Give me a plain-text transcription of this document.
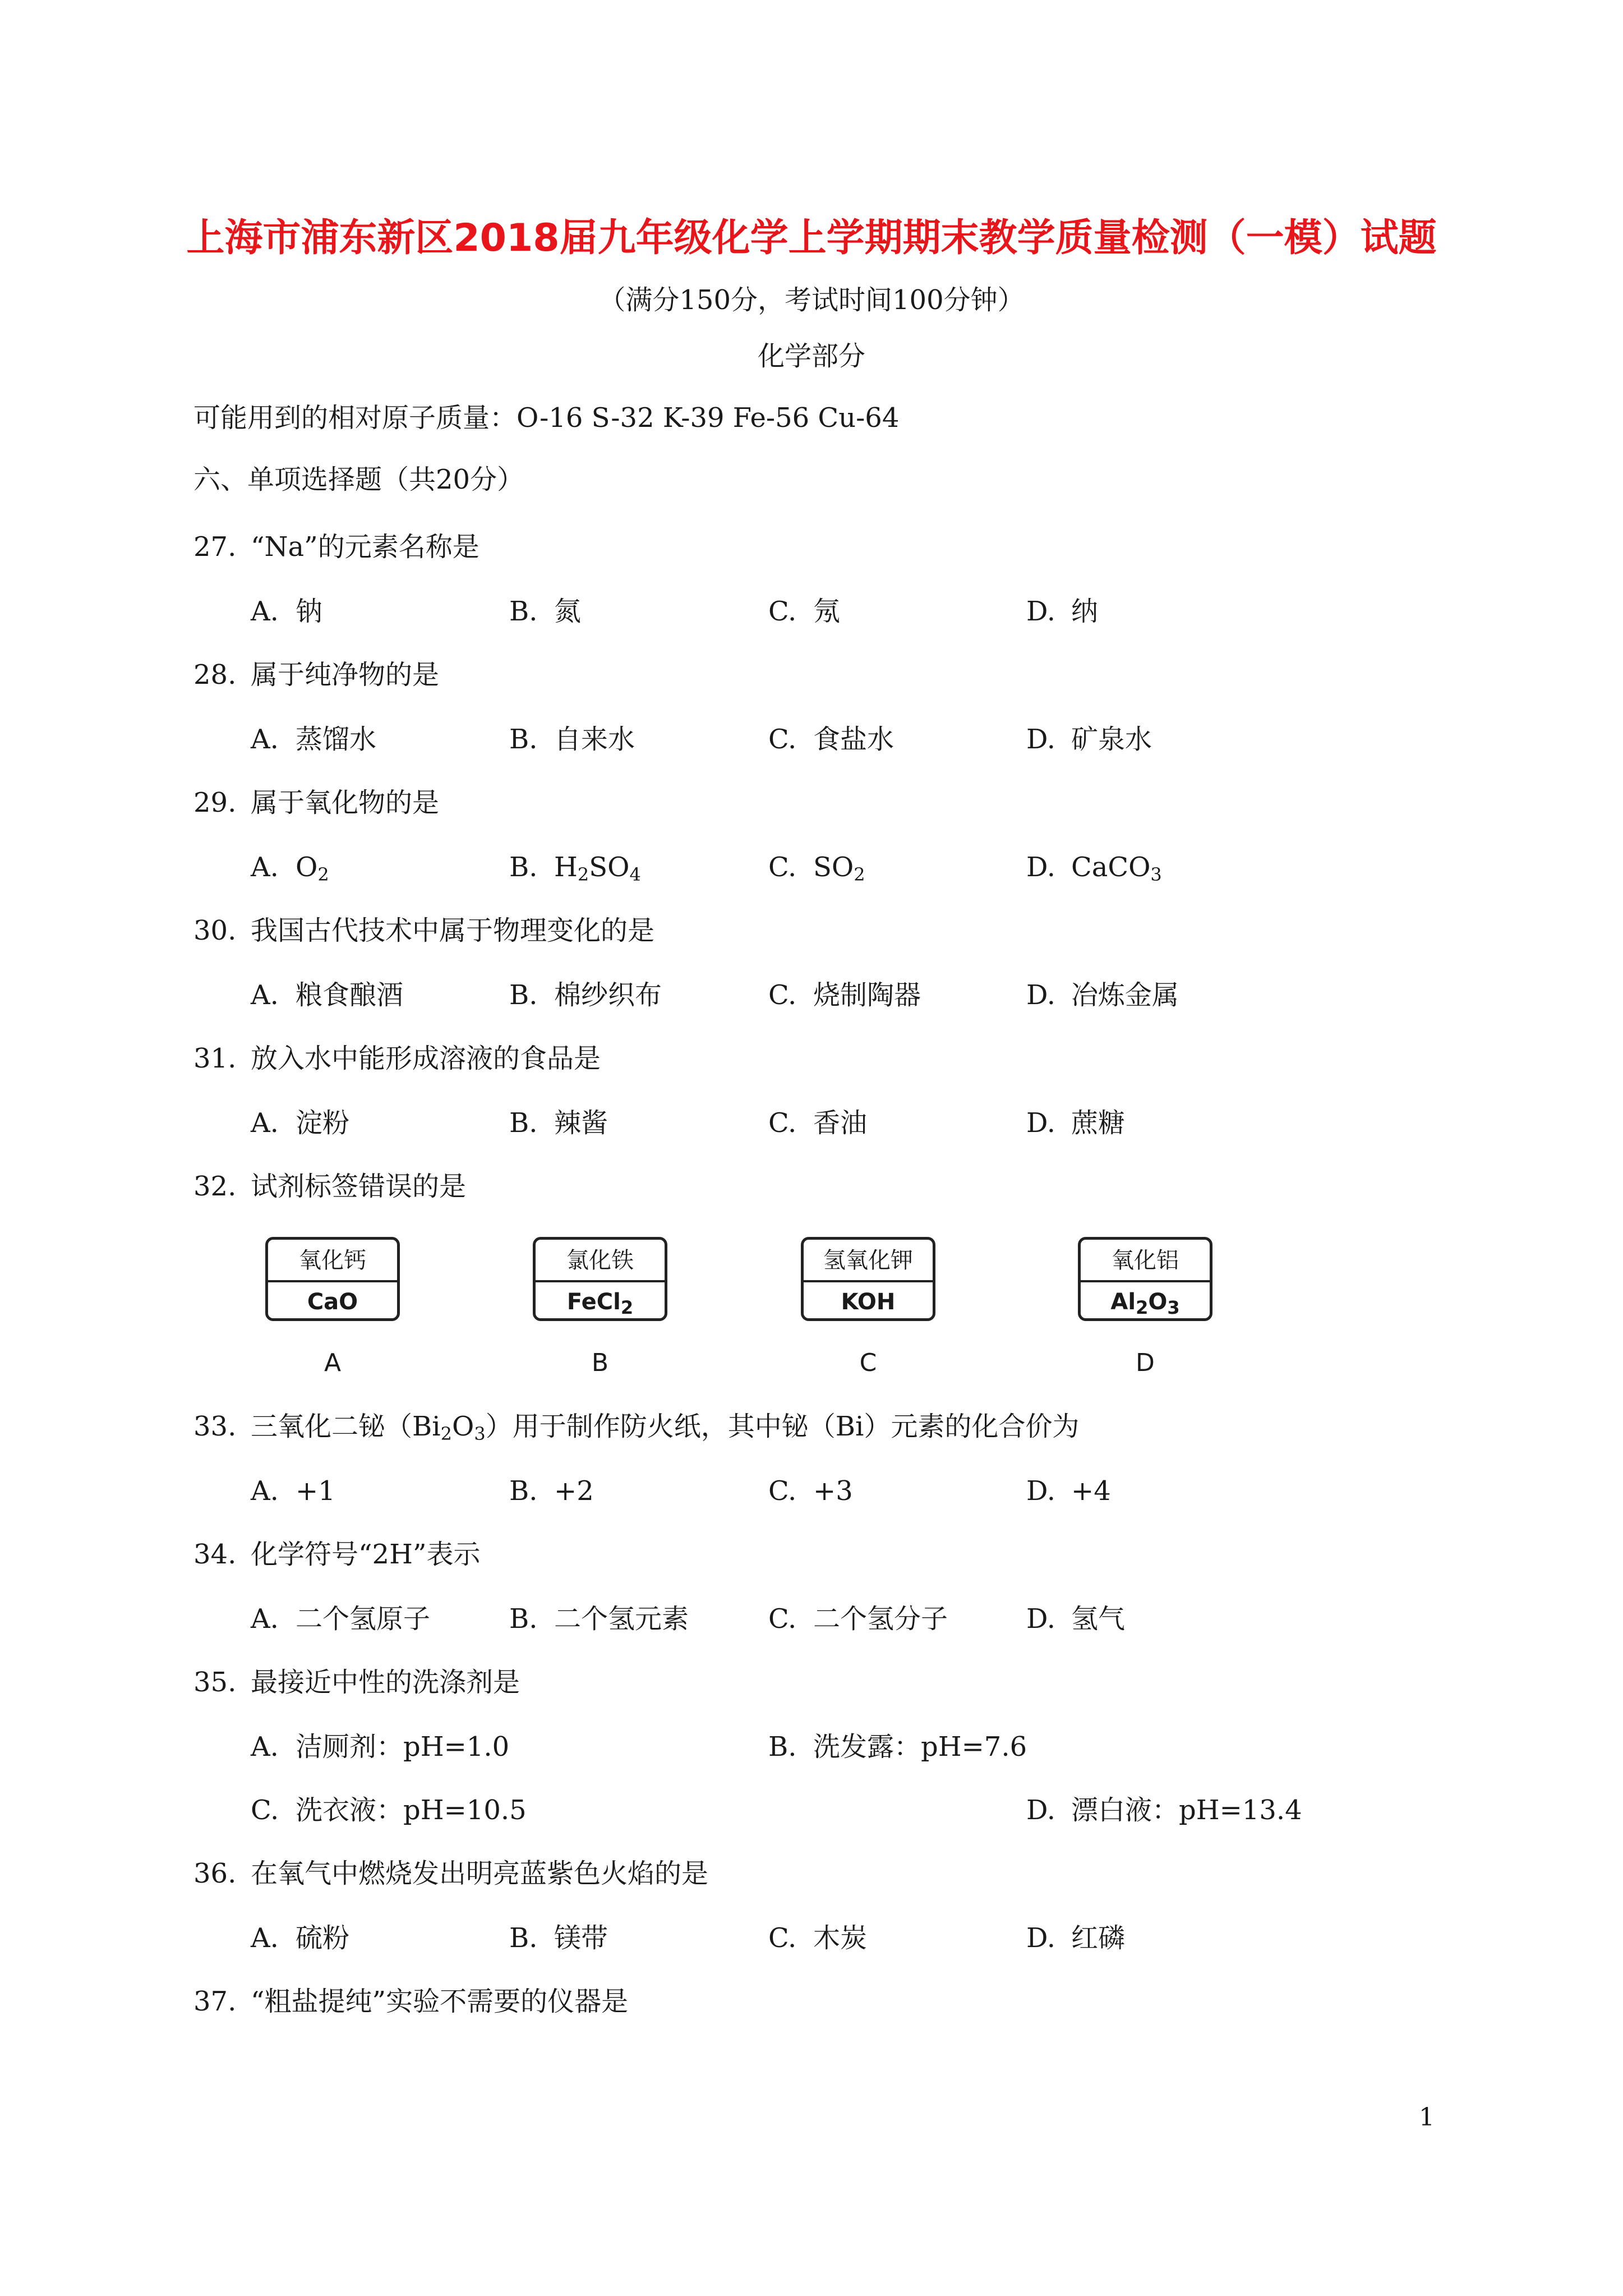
上海市浦东新区2018届九年级化学上学期期末教学质量检测（一模）试题
（满分150分，考试时间100分钟）
化学部分
可能用到的相对原子质量：O-16 S-32 K-39 Fe-56 Cu-64
六、单项选择题（共20分）
27. “Na”的元素名称是
A. 钠	B. 氮	C. 氖	D. 纳
28. 属于纯净物的是
A. 蒸馏水	B. 自来水	C. 食盐水	D. 矿泉水
29. 属于氧化物的是
A. $O_2$	B. $H_2SO_4$	C. $SO_2$	D. CaCO$_3$
30. 我国古代技术中属于物理变化的是
A. 粮食酿酒	B. 棉纱织布	C. 烧制陶器	D. 冶炼金属
31. 放入水中能形成溶液的食品是
A. 淀粉	B. 辣酱	C. 香油	D. 蔗糖
32. 试剂标签错误的是
氧化钙
CaO
A
氯化铁
FeCl$_2$
B
氢氧化钾
KOH
C
氧化铝
$Al_2O_3$
D
33. 三氧化二铋$(Bi_2O_3)$用于制作防火纸，其中铋（Bi）元素的化合价为
A. +1	B. +2	C. +3	D. +4
34. 化学符号“2H”表示
A. 二个氢原子	B. 二个氢元素	C. 二个氢分子	D. 氢气
35. 最接近中性的洗涤剂是
A. 洁厕剂：pH=1.0	B. 洗发露：pH=7.6
C. 洗衣液：pH=10.5	D. 漂白液：pH=13.4
36. 在氧气中燃烧发出明亮蓝紫色火焰的是
A. 硫粉	B. 镁带	C. 木炭	D. 红磷
37. “粗盐提纯”实验不需要的仪器是
1
